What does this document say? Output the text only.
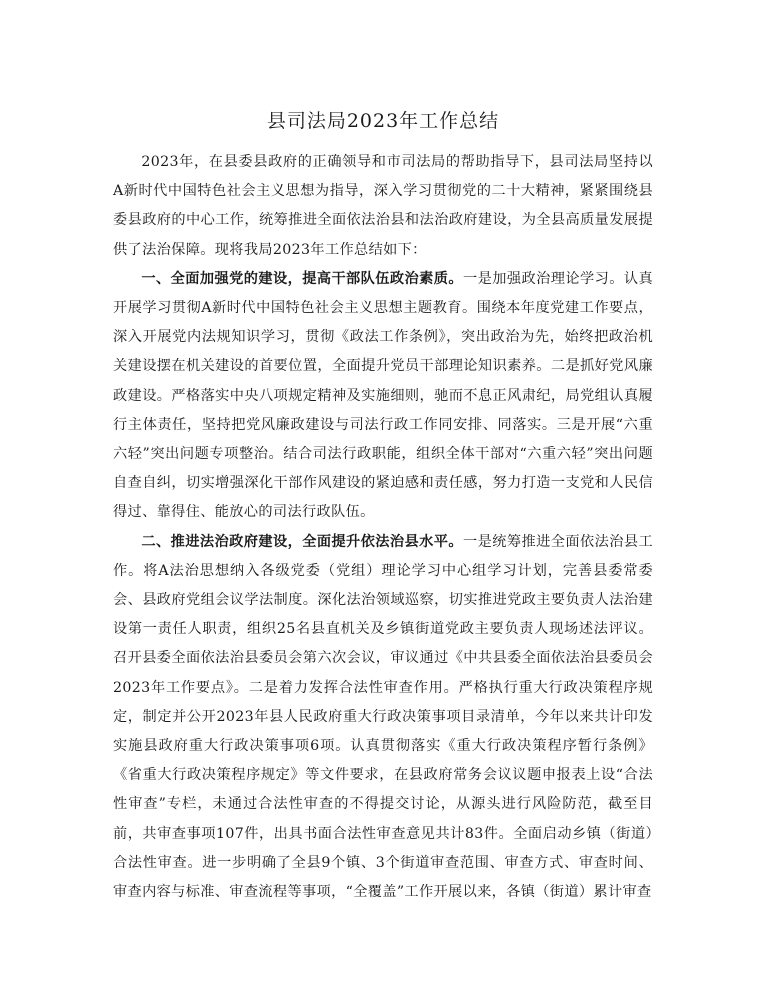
县司法局2023年工作总结

2023年，在县委县政府的正确领导和市司法局的帮助指导下，县司法局坚持以A新时代中国特色社会主义思想为指导，深入学习贯彻党的二十大精神，紧紧围绕县委县政府的中心工作，统筹推进全面依法治县和法治政府建设，为全县高质量发展提供了法治保障。现将我局2023年工作总结如下：

一、全面加强党的建设，提高干部队伍政治素质。一是加强政治理论学习。认真开展学习贯彻A新时代中国特色社会主义思想主题教育。围绕本年度党建工作要点，深入开展党内法规知识学习，贯彻《政法工作条例》，突出政治为先，始终把政治机关建设摆在机关建设的首要位置，全面提升党员干部理论知识素养。二是抓好党风廉政建设。严格落实中央八项规定精神及实施细则，驰而不息正风肃纪，局党组认真履行主体责任，坚持把党风廉政建设与司法行政工作同安排、同落实。三是开展“六重六轻”突出问题专项整治。结合司法行政职能，组织全体干部对“六重六轻”突出问题自查自纠，切实增强深化干部作风建设的紧迫感和责任感，努力打造一支党和人民信得过、靠得住、能放心的司法行政队伍。

二、推进法治政府建设，全面提升依法治县水平。一是统筹推进全面依法治县工作。将A法治思想纳入各级党委（党组）理论学习中心组学习计划，完善县委常委会、县政府党组会议学法制度。深化法治领域巡察，切实推进党政主要负责人法治建设第一责任人职责，组织25名县直机关及乡镇街道党政主要负责人现场述法评议。召开县委全面依法治县委员会第六次会议，审议通过《中共县委全面依法治县委员会2023年工作要点》。二是着力发挥合法性审查作用。严格执行重大行政决策程序规定，制定并公开2023年县人民政府重大行政决策事项目录清单，今年以来共计印发实施县政府重大行政决策事项6项。认真贯彻落实《重大行政决策程序暂行条例》《省重大行政决策程序规定》等文件要求，在县政府常务会议议题申报表上设“合法性审查”专栏，未通过合法性审查的不得提交讨论，从源头进行风险防范，截至目前，共审查事项107件，出具书面合法性审查意见共计83件。全面启动乡镇（街道）合法性审查。进一步明确了全县9个镇、3个街道审查范围、审查方式、审查时间、审查内容与标准、审查流程等事项，“全覆盖”工作开展以来，各镇（街道）累计审查
